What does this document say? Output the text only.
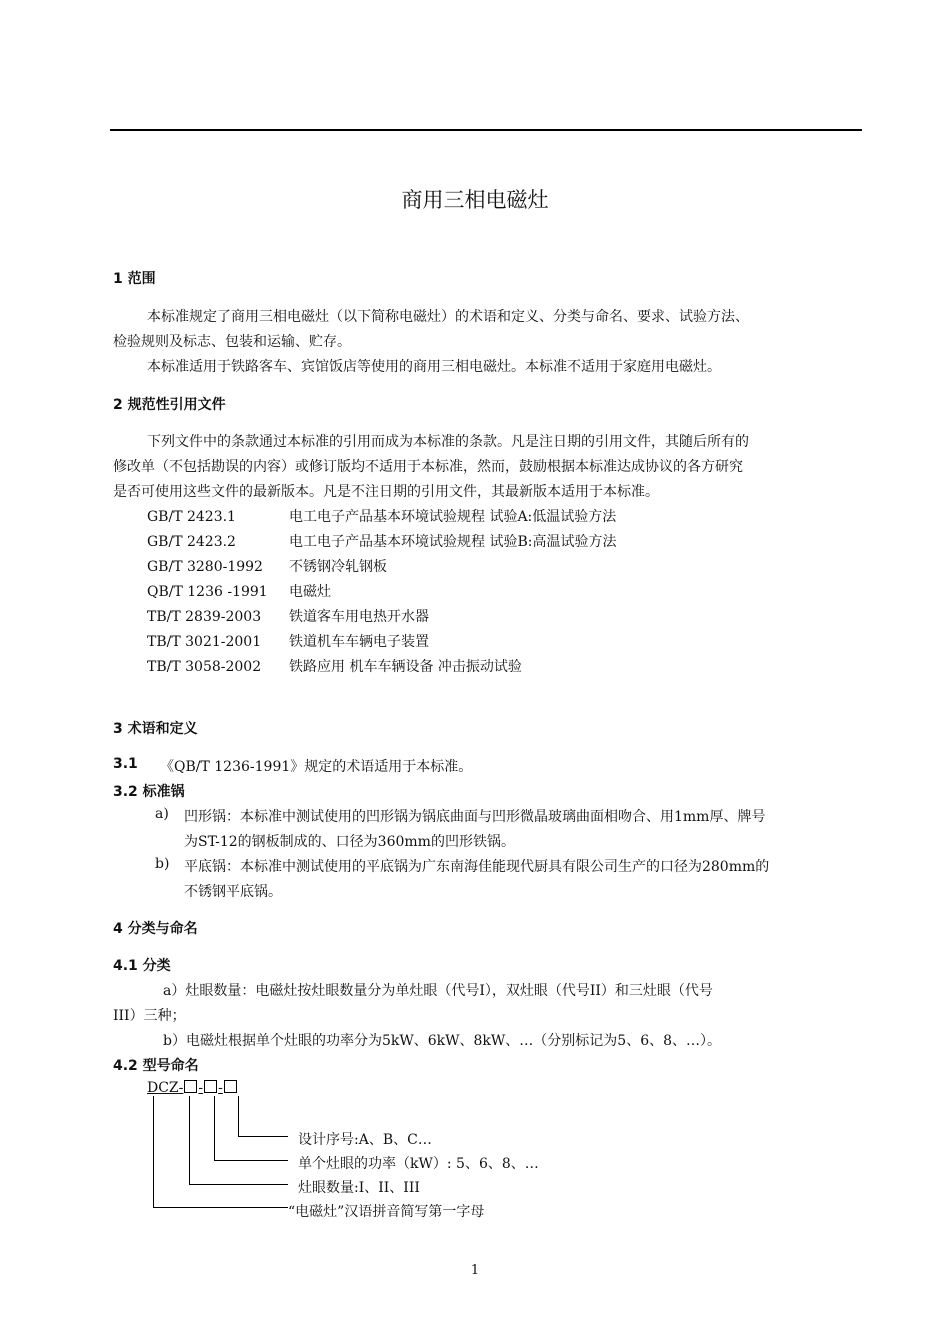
商用三相电磁灶
1 范围
本标准规定了商用三相电磁灶（以下简称电磁灶）的术语和定义、分类与命名、要求、试验方法、
检验规则及标志、包装和运输、贮存。
本标准适用于铁路客车、宾馆饭店等使用的商用三相电磁灶。本标准不适用于家庭用电磁灶。
2 规范性引用文件
下列文件中的条款通过本标准的引用而成为本标准的条款。凡是注日期的引用文件，其随后所有的
修改单（不包括勘误的内容）或修订版均不适用于本标准，然而，鼓励根据本标准达成协议的各方研究
是否可使用这些文件的最新版本。凡是不注日期的引用文件，其最新版本适用于本标准。
GB/T 2423.1	电工电子产品基本环境试验规程 试验A:低温试验方法
GB/T 2423.2	电工电子产品基本环境试验规程 试验B:高温试验方法
GB/T 3280-1992 不锈钢冷轧钢板
QB/T 1236 -1991 电磁灶
TB/T 2839-2003 铁道客车用电热开水器
TB/T 3021-2001 铁道机车车辆电子装置
TB/T 3058-2002 铁路应用 机车车辆设备 冲击振动试验
3 术语和定义
3.1 《QB/T 1236-1991》规定的术语适用于本标准。
3.2 标准锅
a) 凹形锅：本标准中测试使用的凹形锅为锅底曲面与凹形微晶玻璃曲面相吻合、用1mm厚、牌号
为ST-12的钢板制成的、口径为360mm的凹形铁锅。
b) 平底锅：本标准中测试使用的平底锅为广东南海佳能现代厨具有限公司生产的口径为280mm的
不锈钢平底锅。
4 分类与命名
4.1 分类
a）灶眼数量：电磁灶按灶眼数量分为单灶眼（代号I），双灶眼（代号II）和三灶眼（代号
III）三种；
b）电磁灶根据单个灶眼的功率分为5kW、6kW、8kW、…（分别标记为5、6、8、…）。
4.2 型号命名
DCZ- - -
设计序号:A、B、C…
单个灶眼的功率（kW）: 5、6、8、…
灶眼数量:I、II、III
“电磁灶”汉语拼音简写第一字母
1
